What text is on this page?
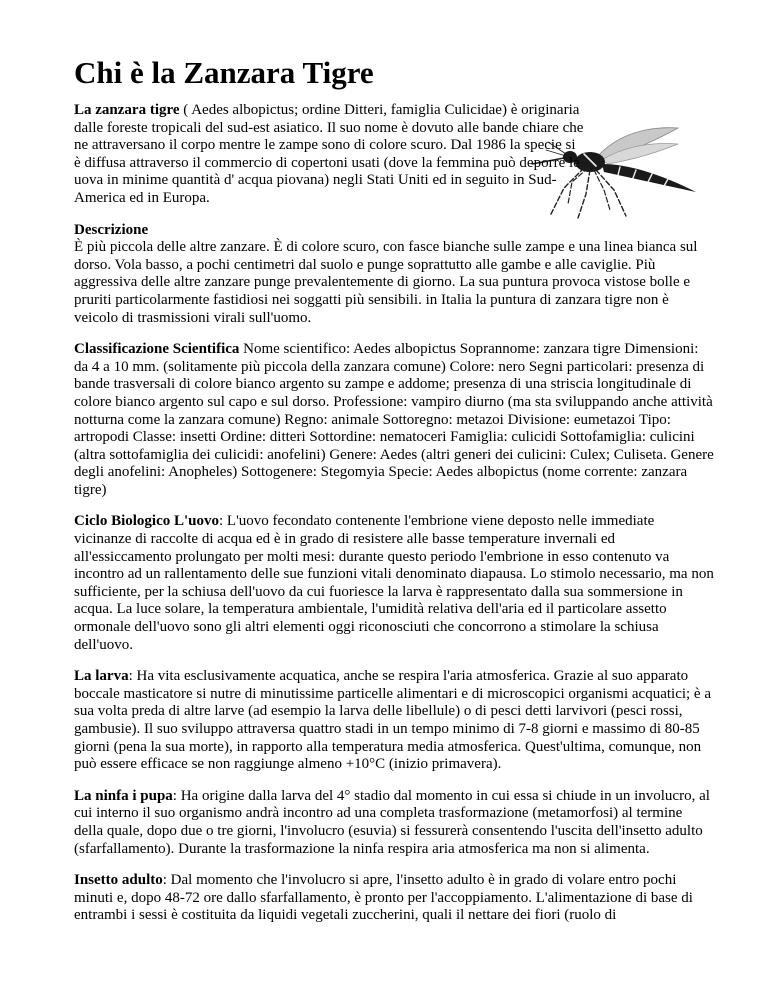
Chi è la Zanzara Tigre

La zanzara tigre ( Aedes albopictus; ordine Ditteri, famiglia Culicidae) è originaria dalle foreste tropicali del sud-est asiatico. Il suo nome è dovuto alle bande chiare che ne attraversano il corpo mentre le zampe sono di colore scuro. Dal 1986 la specie si è diffusa attraverso il commercio di copertoni usati (dove la femmina può deporre le uova in minime quantità d' acqua piovana) negli Stati Uniti ed in seguito in Sud-America ed in Europa.

Descrizione
È più piccola delle altre zanzare. È di colore scuro, con fasce bianche sulle zampe e una linea bianca sul dorso. Vola basso, a pochi centimetri dal suolo e punge soprattutto alle gambe e alle caviglie. Più aggressiva delle altre zanzare punge prevalentemente di giorno. La sua puntura provoca vistose bolle e pruriti particolarmente fastidiosi nei soggatti più sensibili. in Italia la puntura di zanzara tigre non è veicolo di trasmissioni virali sull'uomo.

Classificazione Scientifica Nome scientifico: Aedes albopictus Soprannome: zanzara tigre Dimensioni: da 4 a 10 mm. (solitamente più piccola della zanzara comune) Colore: nero Segni particolari: presenza di bande trasversali di colore bianco argento su zampe e addome; presenza di una striscia longitudinale di colore bianco argento sul capo e sul dorso. Professione: vampiro diurno (ma sta sviluppando anche attività notturna come la zanzara comune) Regno: animale Sottoregno: metazoi Divisione: eumetazoi Tipo: artropodi Classe: insetti Ordine: ditteri Sottordine: nematoceri Famiglia: culicidi Sottofamiglia: culicini (altra sottofamiglia dei culicidi: anofelini) Genere: Aedes (altri generi dei culicini: Culex; Culiseta. Genere degli anofelini: Anopheles) Sottogenere: Stegomyia Specie: Aedes albopictus (nome corrente: zanzara tigre)

Ciclo Biologico L'uovo: L'uovo fecondato contenente l'embrione viene deposto nelle immediate vicinanze di raccolte di acqua ed è in grado di resistere alle basse temperature invernali ed all'essiccamento prolungato per molti mesi: durante questo periodo l'embrione in esso contenuto va incontro ad un rallentamento delle sue funzioni vitali denominato diapausa. Lo stimolo necessario, ma non sufficiente, per la schiusa dell'uovo da cui fuoriesce la larva è rappresentato dalla sua sommersione in acqua. La luce solare, la temperatura ambientale, l'umidità relativa dell'aria ed il particolare assetto ormonale dell'uovo sono gli altri elementi oggi riconosciuti che concorrono a stimolare la schiusa dell'uovo.

La larva: Ha vita esclusivamente acquatica, anche se respira l'aria atmosferica. Grazie al suo apparato boccale masticatore si nutre di minutissime particelle alimentari e di microscopici organismi acquatici; è a sua volta preda di altre larve (ad esempio la larva delle libellule) o di pesci detti larvivori (pesci rossi, gambusie). Il suo sviluppo attraversa quattro stadi in un tempo minimo di 7-8 giorni e massimo di 80-85 giorni (pena la sua morte), in rapporto alla temperatura media atmosferica. Quest'ultima, comunque, non può essere efficace se non raggiunge almeno +10°C (inizio primavera).

La ninfa i pupa: Ha origine dalla larva del 4° stadio dal momento in cui essa si chiude in un involucro, al cui interno il suo organismo andrà incontro ad una completa trasformazione (metamorfosi) al termine della quale, dopo due o tre giorni, l'involucro (esuvia) si fessurerà consentendo l'uscita dell'insetto adulto (sfarfallamento). Durante la trasformazione la ninfa respira aria atmosferica ma non si alimenta.

Insetto adulto: Dal momento che l'involucro si apre, l'insetto adulto è in grado di volare entro pochi minuti e, dopo 48-72 ore dallo sfarfallamento, è pronto per l'accoppiamento. L'alimentazione di base di entrambi i sessi è costituita da liquidi vegetali zuccherini, quali il nettare dei fiori (ruolo di
